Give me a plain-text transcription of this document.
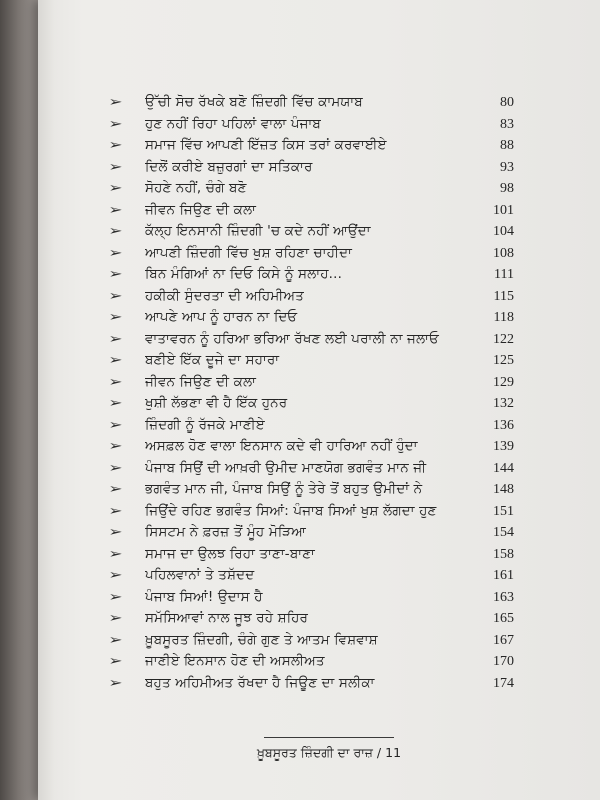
➢ ਉੱਚੀ ਸੋਚ ਰੱਖਕੇ ਬਣੋ ਜ਼ਿੰਦਗੀ ਵਿੱਚ ਕਾਮਯਾਬ	80
➢ ਹੁਣ ਨਹੀਂ ਰਿਹਾ ਪਹਿਲਾਂ ਵਾਲਾ ਪੰਜਾਬ	83
➢ ਸਮਾਜ ਵਿੱਚ ਆਪਣੀ ਇੱਜ਼ਤ ਕਿਸ ਤਰਾਂ ਕਰਵਾਈਏ	88
➢ ਦਿਲੋਂ ਕਰੀਏ ਬਜ਼ੁਰਗਾਂ ਦਾ ਸਤਿਕਾਰ	93
➢ ਸੋਹਣੇ ਨਹੀਂ, ਚੰਗੇ ਬਣੋ	98
➢ ਜੀਵਨ ਜਿਉਣ ਦੀ ਕਲਾ	101
➢ ਕੱਲ੍ਹ ਇਨਸਾਨੀ ਜ਼ਿੰਦਗੀ 'ਚ ਕਦੇ ਨਹੀਂ ਆਉਂਦਾ	104
➢ ਆਪਣੀ ਜ਼ਿੰਦਗੀ ਵਿੱਚ ਖੁਸ਼ ਰਹਿਣਾ ਚਾਹੀਦਾ	108
➢ ਬਿਨ ਮੰਗਿਆਂ ਨਾ ਦਿਓ ਕਿਸੇ ਨੂੰ ਸਲਾਹ...	111
➢ ਹਕੀਕੀ ਸੁੰਦਰਤਾ ਦੀ ਅਹਿਮੀਅਤ	115
➢ ਆਪਣੇ ਆਪ ਨੂੰ ਹਾਰਨ ਨਾ ਦਿਓ	118
➢ ਵਾਤਾਵਰਨ ਨੂੰ ਹਰਿਆ ਭਰਿਆ ਰੱਖਣ ਲਈ ਪਰਾਲੀ ਨਾ ਜਲਾਓ	122
➢ ਬਣੀਏ ਇੱਕ ਦੂਜੇ ਦਾ ਸਹਾਰਾ	125
➢ ਜੀਵਨ ਜਿਉਣ ਦੀ ਕਲਾ	129
➢ ਖੁਸ਼ੀ ਲੱਭਣਾ ਵੀ ਹੈ ਇੱਕ ਹੁਨਰ	132
➢ ਜ਼ਿੰਦਗੀ ਨੂੰ ਰੱਜਕੇ ਮਾਣੀਏ	136
➢ ਅਸਫ਼ਲ ਹੋਣ ਵਾਲਾ ਇਨਸਾਨ ਕਦੇ ਵੀ ਹਾਰਿਆ ਨਹੀਂ ਹੁੰਦਾ	139
➢ ਪੰਜਾਬ ਸਿਉਂ ਦੀ ਆਖ਼ਰੀ ਉਮੀਦ ਮਾਣਯੋਗ ਭਗਵੰਤ ਮਾਨ ਜੀ	144
➢ ਭਗਵੰਤ ਮਾਨ ਜੀ, ਪੰਜਾਬ ਸਿਉਂ ਨੂੰ ਤੇਰੇ ਤੋਂ ਬਹੁਤ ਉਮੀਦਾਂ ਨੇ	148
➢ ਜਿਉਂਦੇ ਰਹਿਣ ਭਗਵੰਤ ਸਿਆਂ: ਪੰਜਾਬ ਸਿਆਂ ਖੁਸ਼ ਲੱਗਦਾ ਹੁਣ	151
➢ ਸਿਸਟਮ ਨੇ ਫ਼ਰਜ਼ ਤੋਂ ਮੂੰਹ ਮੋੜਿਆ	154
➢ ਸਮਾਜ ਦਾ ਉਲਝ ਰਿਹਾ ਤਾਣਾ-ਬਾਣਾ	158
➢ ਪਹਿਲਵਾਨਾਂ ਤੇ ਤਸ਼ੱਦਦ	161
➢ ਪੰਜਾਬ ਸਿਆਂ! ਉਦਾਸ ਹੈ	163
➢ ਸਮੱਸਿਆਵਾਂ ਨਾਲ ਜੂਝ ਰਹੇ ਸ਼ਹਿਰ	165
➢ ਖ਼ੂਬਸੂਰਤ ਜ਼ਿੰਦਗੀ, ਚੰਗੇ ਗੁਣ ਤੇ ਆਤਮ ਵਿਸ਼ਵਾਸ਼	167
➢ ਜਾਣੀਏ ਇਨਸਾਨ ਹੋਣ ਦੀ ਅਸਲੀਅਤ	170
➢ ਬਹੁਤ ਅਹਿਮੀਅਤ ਰੱਖਦਾ ਹੈ ਜਿਊਣ ਦਾ ਸਲੀਕਾ	174
ਖ਼ੂਬਸੂਰਤ ਜ਼ਿੰਦਗੀ ਦਾ ਰਾਜ਼ / 11
